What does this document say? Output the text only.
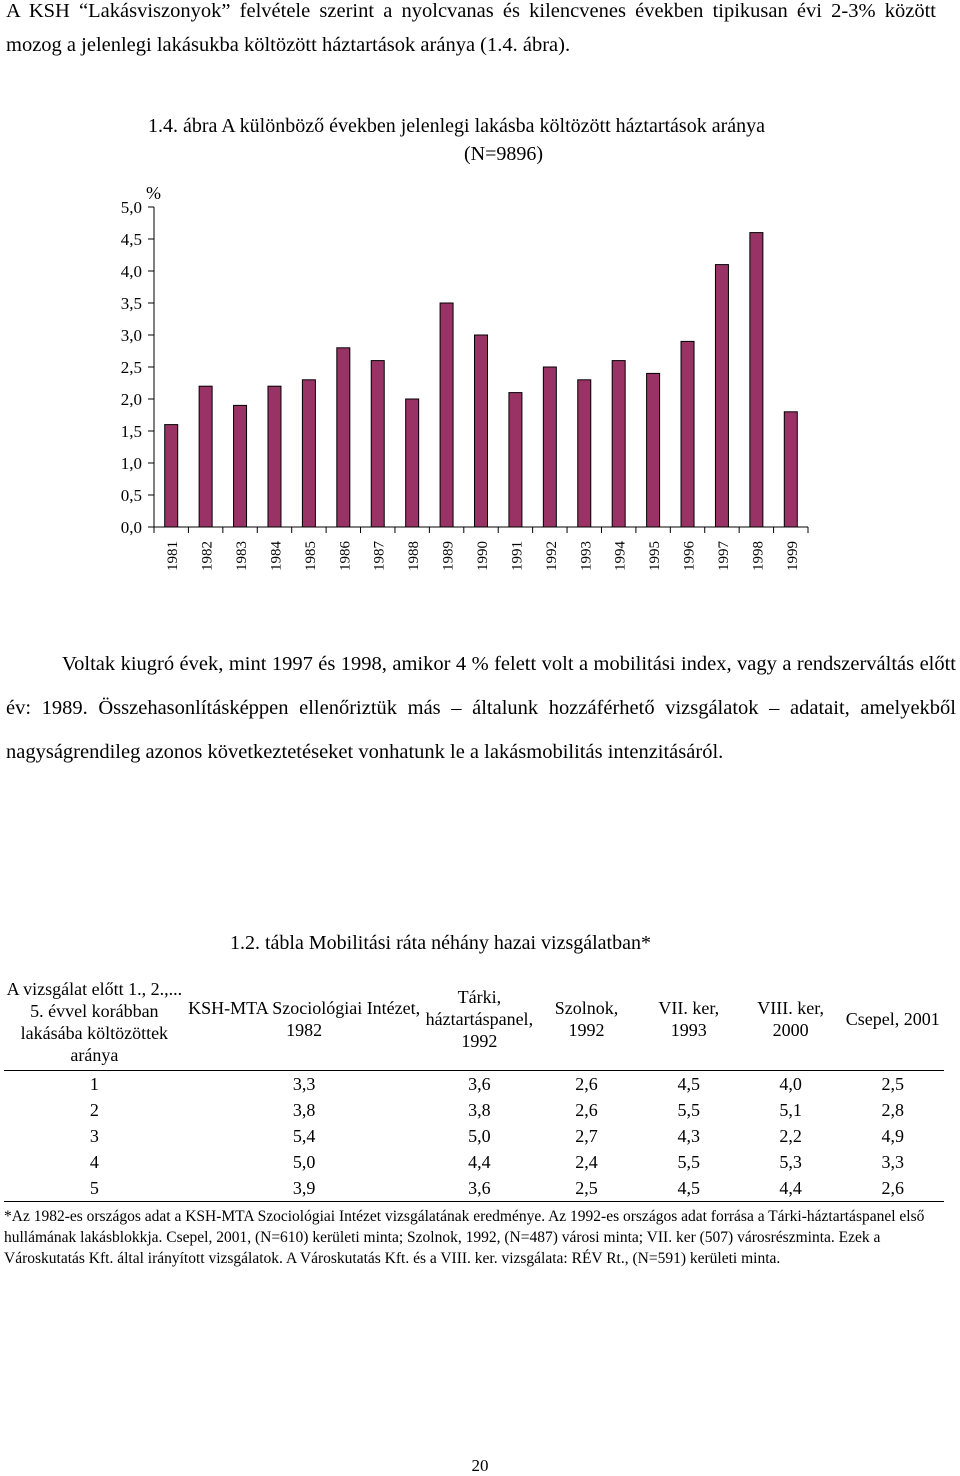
A KSH “Lakásviszonyok” felvétele szerint a nyolcvanas és kilencvenes években tipikusan évi 2-3% között mozog a jelenlegi lakásukba költözött háztartások aránya (1.4. ábra).

1.4. ábra A különböző években jelenlegi lakásba költözött háztartások aránya
(N=9896)
0,0
0,5
1,0
1,5
2,0
2,5
3,0
3,5
4,0
4,5
5,0
%
1981 1982 1983 1984 1985 1986 1987 1988 1989 1990 1991 1992 1993 1994 1995 1996 1997 1998 1999

Voltak kiugró évek, mint 1997 és 1998, amikor 4 % felett volt a mobilitási index, vagy a rendszerváltás előtt év: 1989. Összehasonlításképpen ellenőriztük más – általunk hozzáférhető vizsgálatok – adatait, amelyekből nagyságrendileg azonos következtetéseket vonhatunk le a lakásmobilitás intenzitásáról.

1.2. tábla Mobilitási ráta néhány hazai vizsgálatban*
A vizsgálat előtt 1., 2.,... 5. évvel korábban lakásába költözöttek aránya	KSH-MTA Szociológiai Intézet, 1982	Tárki, háztartáspanel, 1992	Szolnok, 1992	VII. ker, 1993	VIII. ker, 2000	Csepel, 2001
1	3,3	3,6	2,6	4,5	4,0	2,5
2	3,8	3,8	2,6	5,5	5,1	2,8
3	5,4	5,0	2,7	4,3	2,2	4,9
4	5,0	4,4	2,4	5,5	5,3	3,3
5	3,9	3,6	2,5	4,5	4,4	2,6

*Az 1982-es országos adat a KSH-MTA Szociológiai Intézet vizsgálatának eredménye. Az 1992-es országos adat forrása a Tárki-háztartáspanel első hullámának lakásblokkja. Csepel, 2001, (N=610) kerületi minta; Szolnok, 1992, (N=487) városi minta; VII. ker (507) városrészminta. Ezek a Városkutatás Kft. által irányított vizsgálatok. A Városkutatás Kft. és a VIII. ker. vizsgálata: RÉV Rt., (N=591) kerületi minta.

20
